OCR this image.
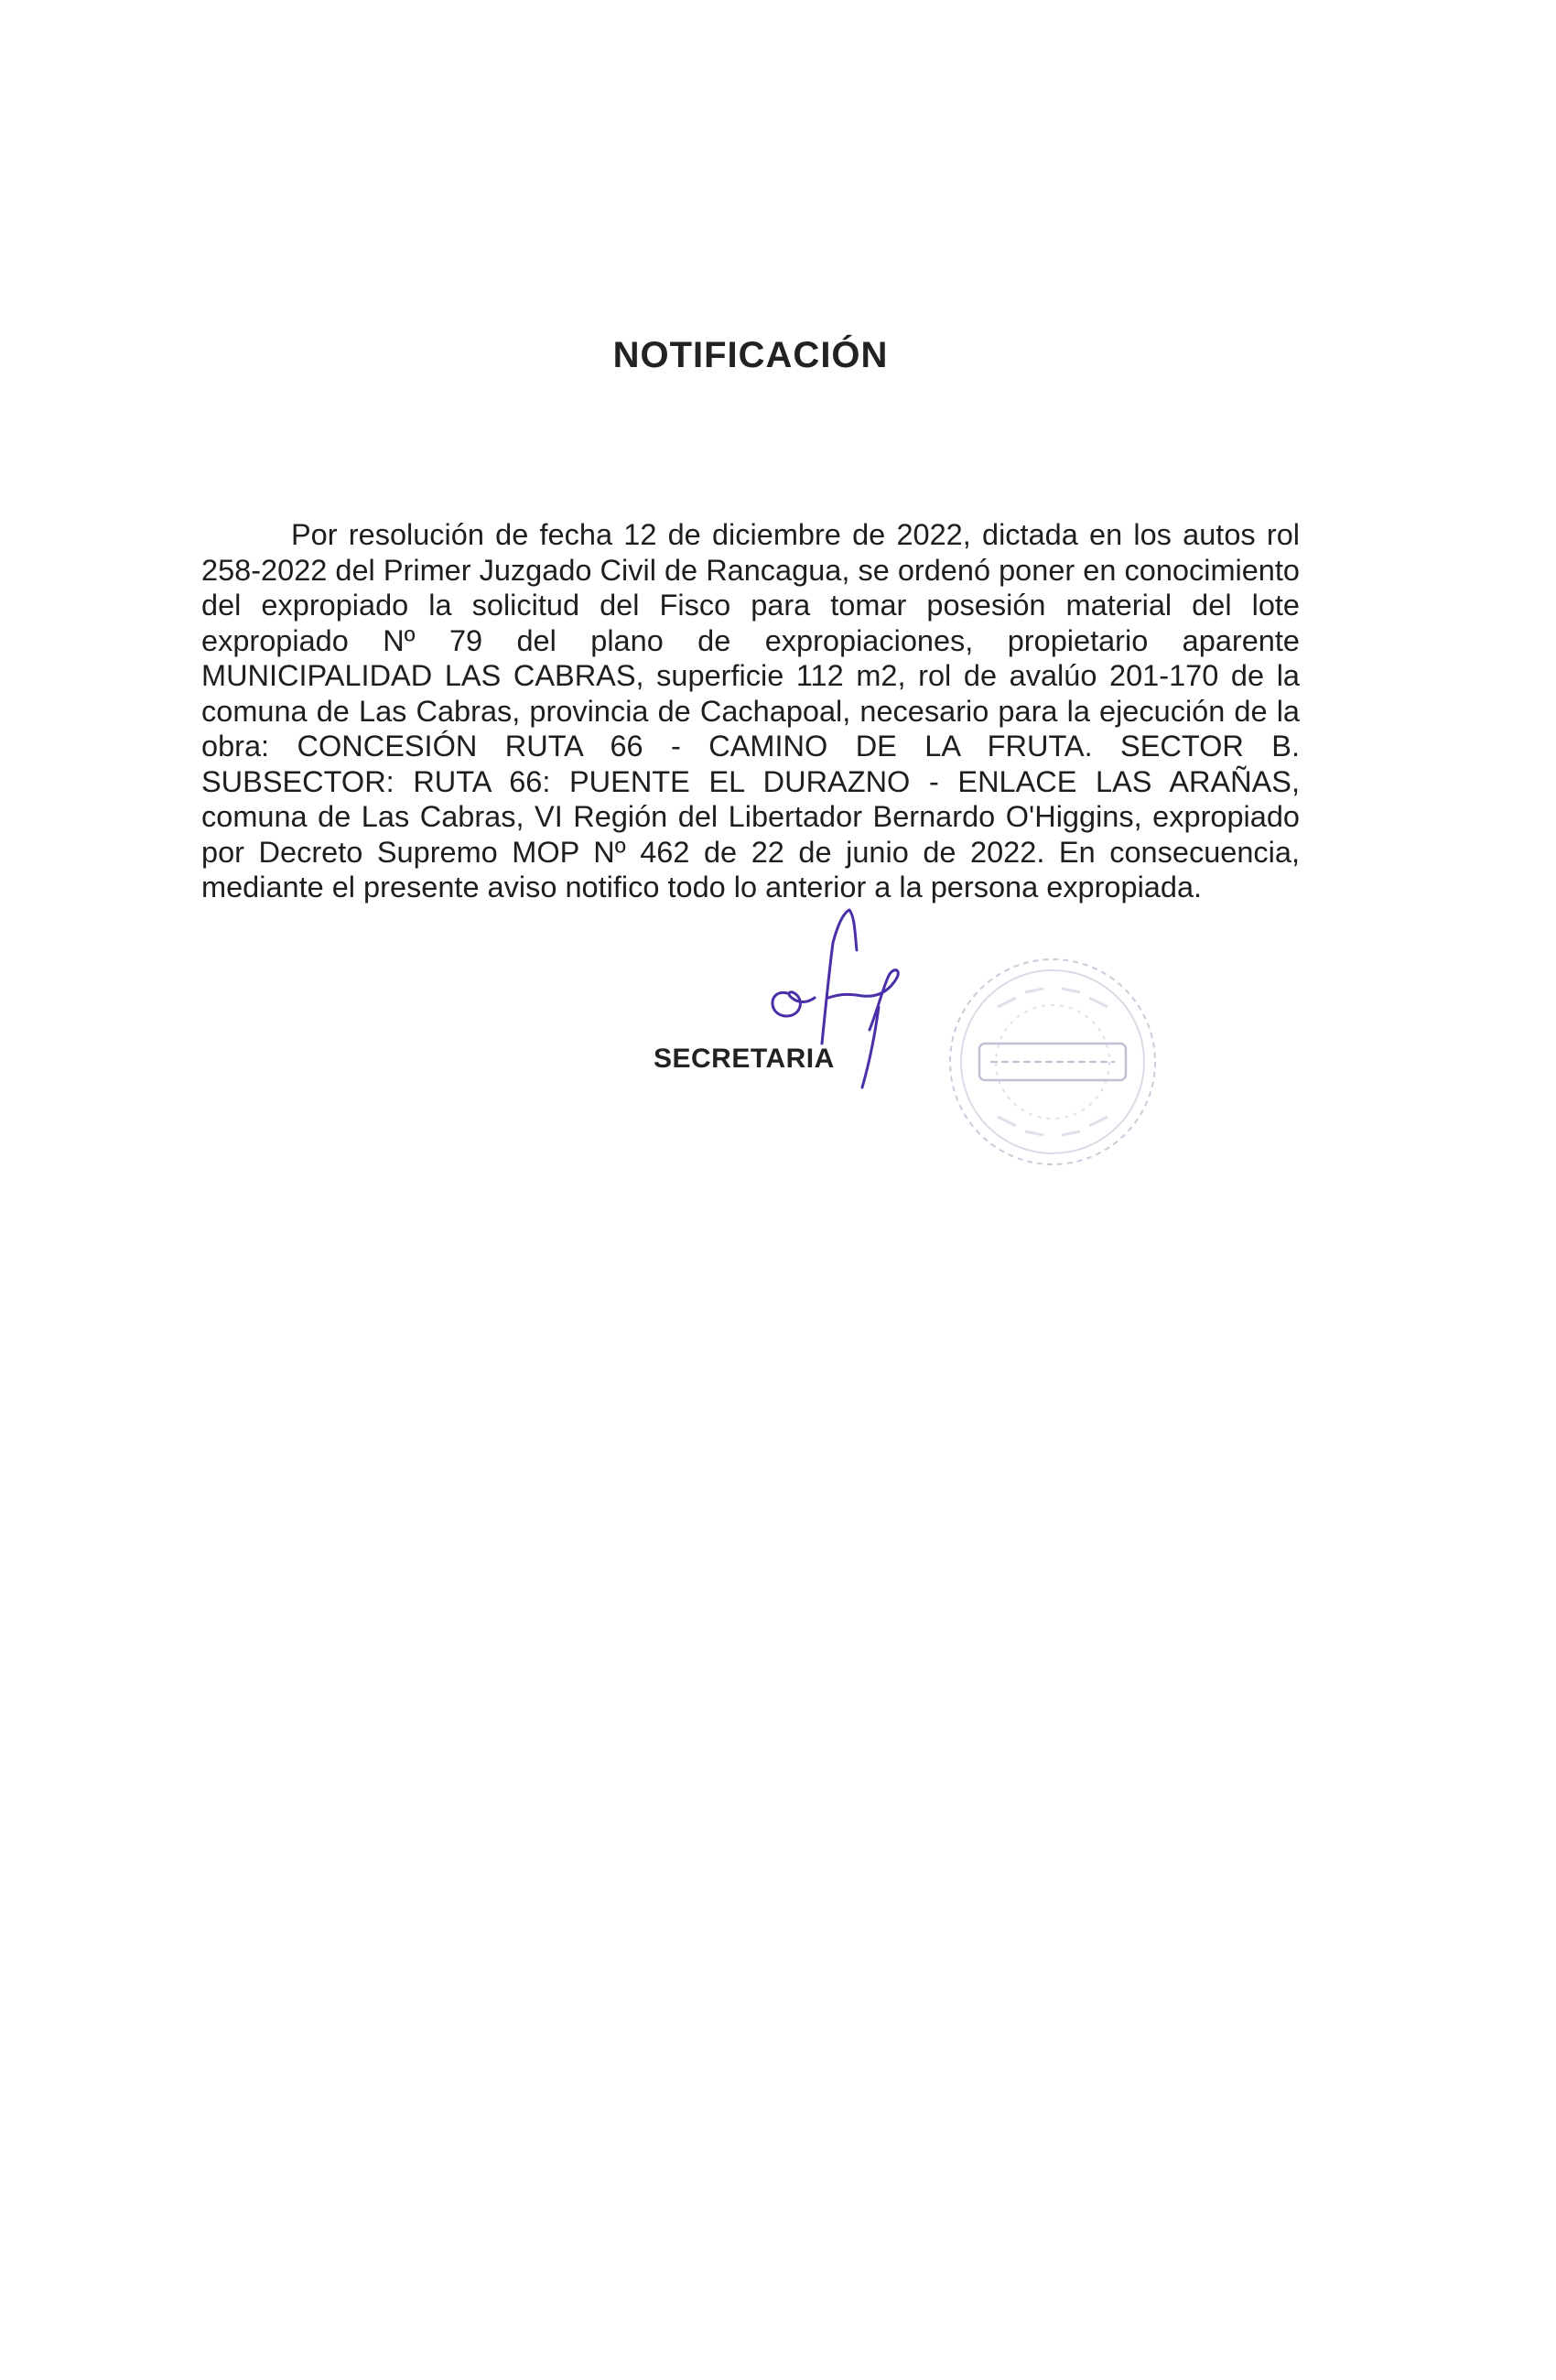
NOTIFICACIÓN

Por resolución de fecha 12 de diciembre de 2022, dictada en los autos rol 258-2022 del Primer Juzgado Civil de Rancagua, se ordenó poner en conocimiento del expropiado la solicitud del Fisco para tomar posesión material del lote expropiado Nº 79 del plano de expropiaciones, propietario aparente MUNICIPALIDAD LAS CABRAS, superficie 112 m2, rol de avalúo 201-170 de la comuna de Las Cabras, provincia de Cachapoal, necesario para la ejecución de la obra: CONCESIÓN RUTA 66 - CAMINO DE LA FRUTA. SECTOR B. SUBSECTOR: RUTA 66: PUENTE EL DURAZNO - ENLACE LAS ARAÑAS, comuna de Las Cabras, VI Región del Libertador Bernardo O'Higgins, expropiado por Decreto Supremo MOP Nº 462 de 22 de junio de 2022. En consecuencia, mediante el presente aviso notifico todo lo anterior a la persona expropiada.

SECRETARIA
